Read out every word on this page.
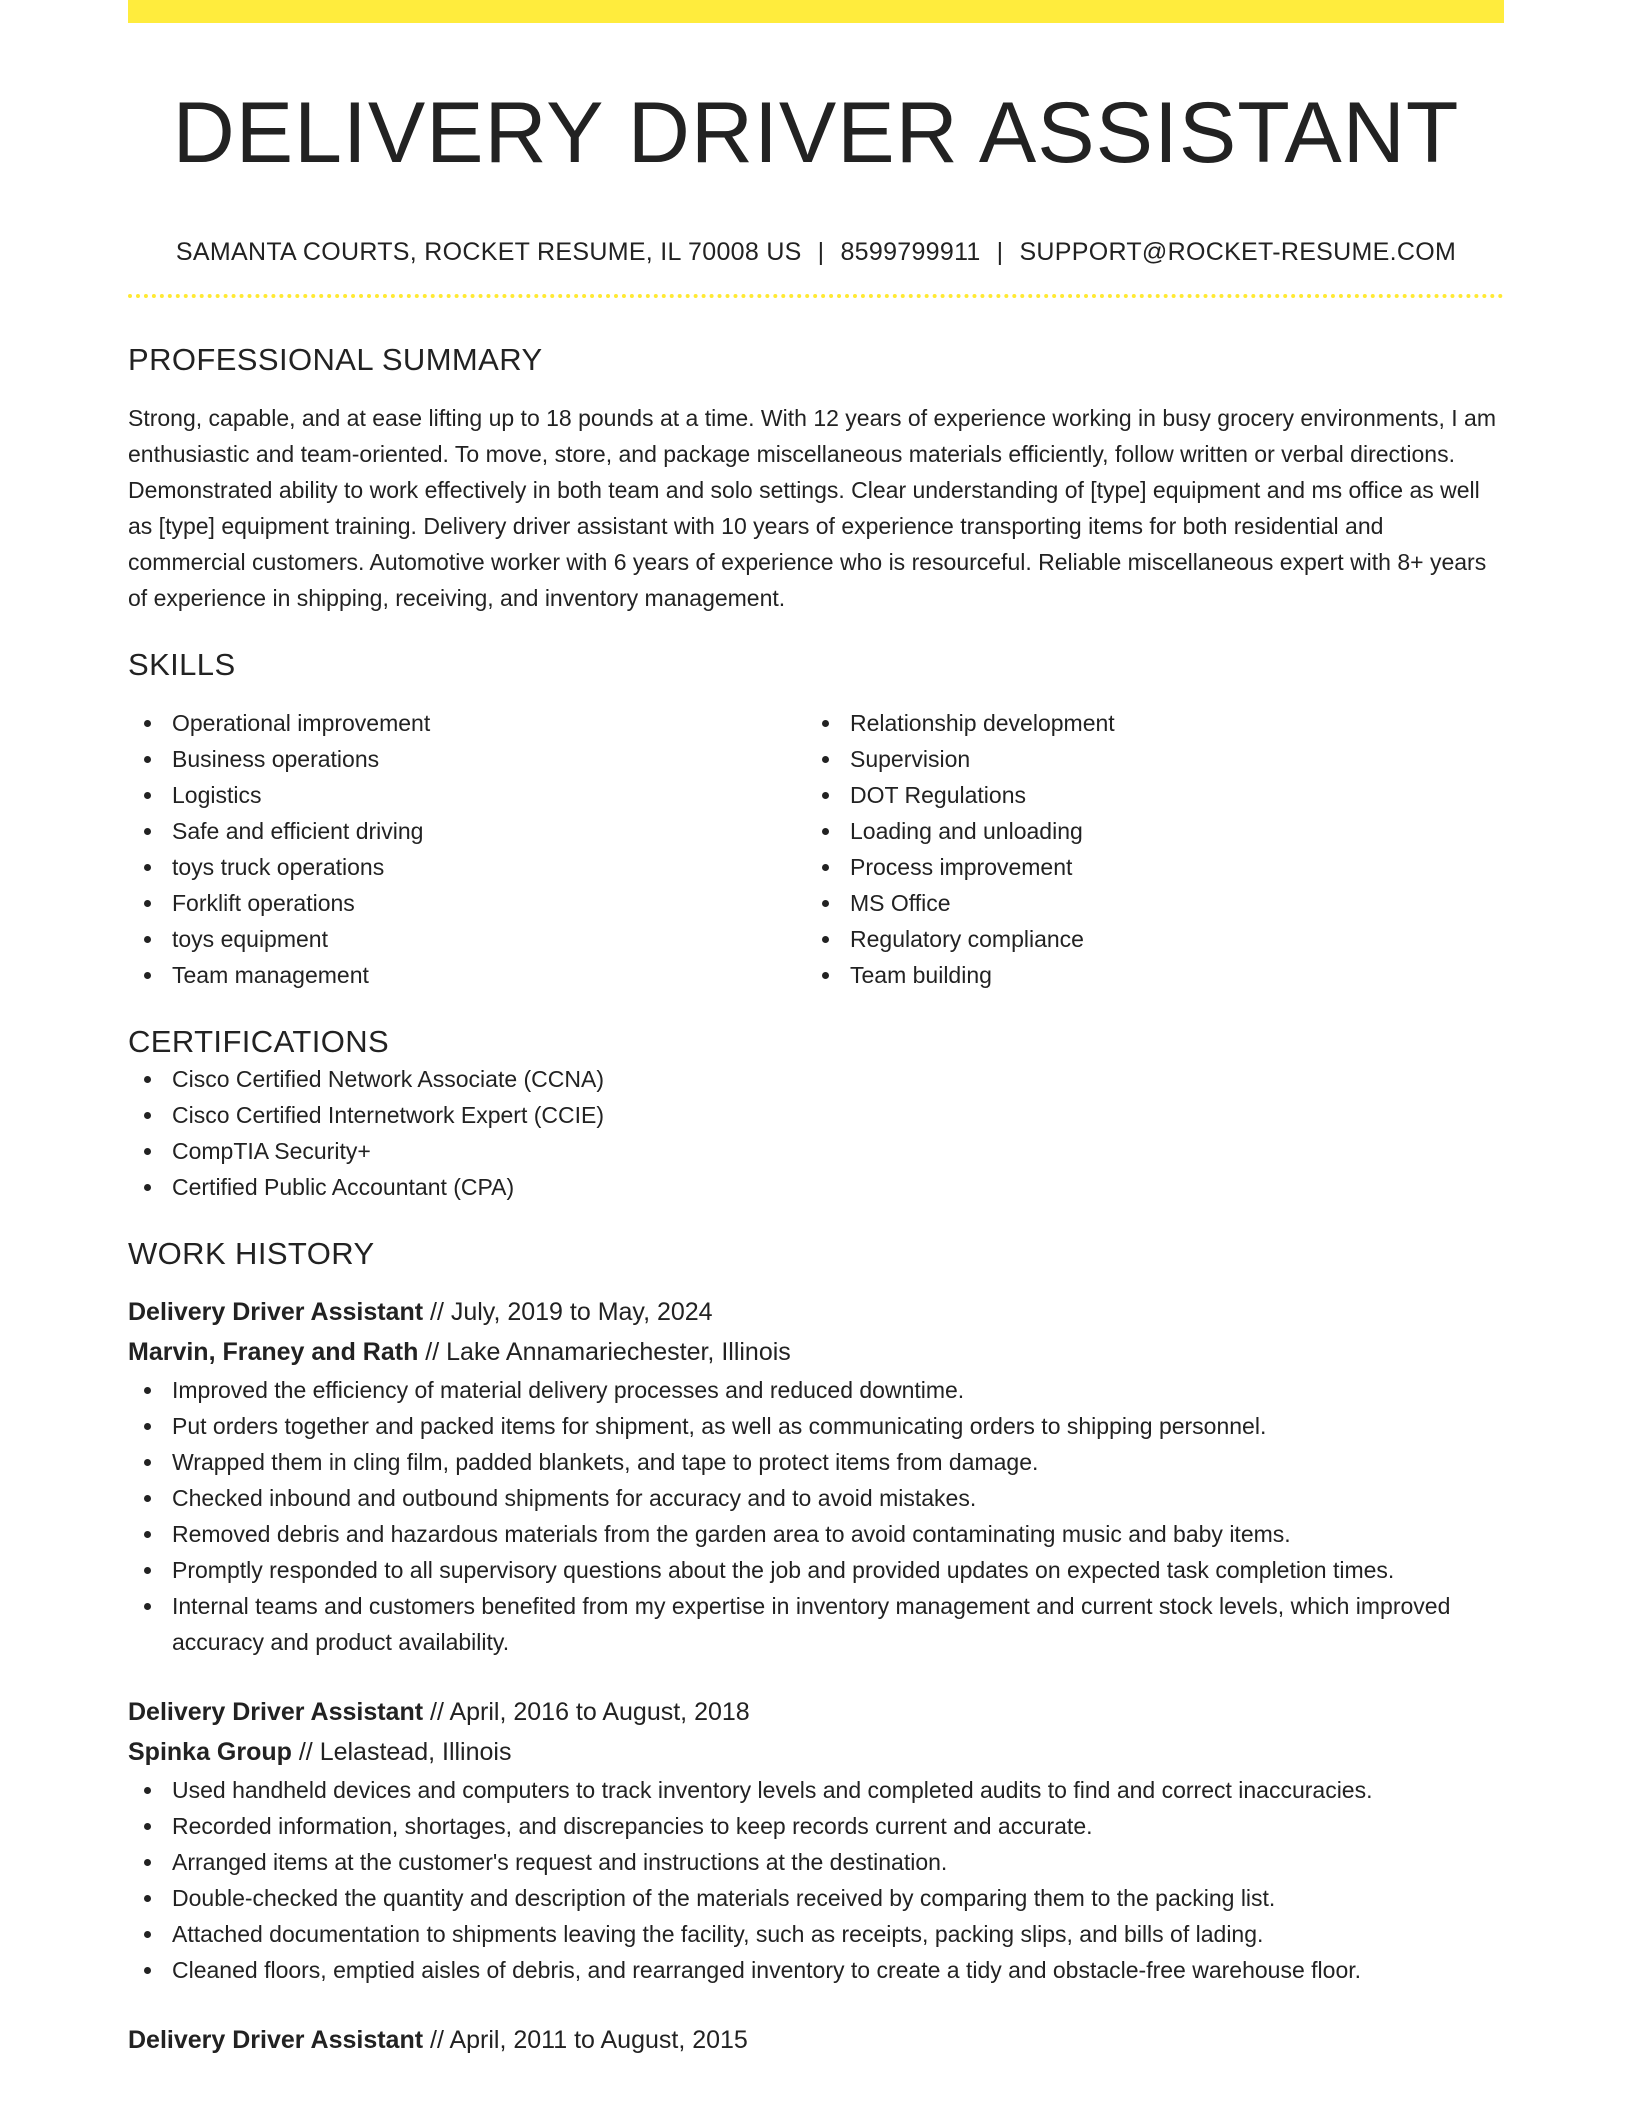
DELIVERY DRIVER ASSISTANT
SAMANTA COURTS, ROCKET RESUME, IL 70008 US | 8599799911 | SUPPORT@ROCKET-RESUME.COM
PROFESSIONAL SUMMARY

Strong, capable, and at ease lifting up to 18 pounds at a time. With 12 years of experience working in busy grocery environments, I am enthusiastic and team-oriented. To move, store, and package miscellaneous materials efficiently, follow written or verbal directions. Demonstrated ability to work effectively in both team and solo settings. Clear understanding of [type] equipment and ms office as well as [type] equipment training. Delivery driver assistant with 10 years of experience transporting items for both residential and commercial customers. Automotive worker with 6 years of experience who is resourceful. Reliable miscellaneous expert with 8+ years of experience in shipping, receiving, and inventory management.

SKILLS
Operational improvement
Business operations
Logistics
Safe and efficient driving
toys truck operations
Forklift operations
toys equipment
Team management
Relationship development
Supervision
DOT Regulations
Loading and unloading
Process improvement
MS Office
Regulatory compliance
Team building
CERTIFICATIONS
Cisco Certified Network Associate (CCNA)
Cisco Certified Internetwork Expert (CCIE)
CompTIA Security+
Certified Public Accountant (CPA)
WORK HISTORY
Delivery Driver Assistant // July, 2019 to May, 2024
Marvin, Franey and Rath // Lake Annamariechester, Illinois
Improved the efficiency of material delivery processes and reduced downtime.
Put orders together and packed items for shipment, as well as communicating orders to shipping personnel.
Wrapped them in cling film, padded blankets, and tape to protect items from damage.
Checked inbound and outbound shipments for accuracy and to avoid mistakes.
Removed debris and hazardous materials from the garden area to avoid contaminating music and baby items.
Promptly responded to all supervisory questions about the job and provided updates on expected task completion times.
Internal teams and customers benefited from my expertise in inventory management and current stock levels, which improved accuracy and product availability.
Delivery Driver Assistant // April, 2016 to August, 2018
Spinka Group // Lelastead, Illinois
Used handheld devices and computers to track inventory levels and completed audits to find and correct inaccuracies.
Recorded information, shortages, and discrepancies to keep records current and accurate.
Arranged items at the customer's request and instructions at the destination.
Double-checked the quantity and description of the materials received by comparing them to the packing list.
Attached documentation to shipments leaving the facility, such as receipts, packing slips, and bills of lading.
Cleaned floors, emptied aisles of debris, and rearranged inventory to create a tidy and obstacle-free warehouse floor.
Delivery Driver Assistant // April, 2011 to August, 2015
